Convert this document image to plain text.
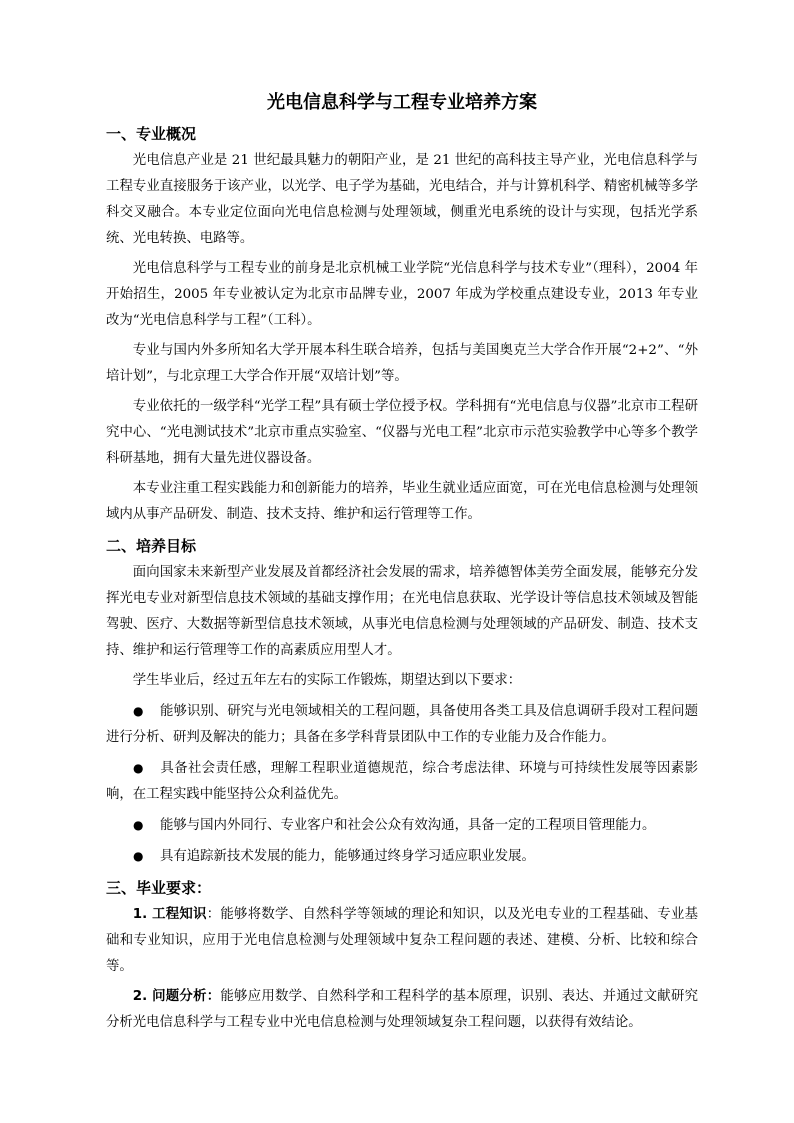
光电信息科学与工程专业培养方案
一、专业概况

光电信息产业是 21 世纪最具魅力的朝阳产业，是 21 世纪的高科技主导产业，光电信息科学与工程专业直接服务于该产业，以光学、电子学为基础，光电结合，并与计算机科学、精密机械等多学科交叉融合。本专业定位面向光电信息检测与处理领域，侧重光电系统的设计与实现，包括光学系统、光电转换、电路等。

光电信息科学与工程专业的前身是北京机械工业学院“光信息科学与技术专业”（理科），2004 年开始招生，2005 年专业被认定为北京市品牌专业，2007 年成为学校重点建设专业，2013 年专业改为“光电信息科学与工程”（工科）。

专业与国内外多所知名大学开展本科生联合培养，包括与美国奥克兰大学合作开展“2+2”、“外培计划”，与北京理工大学合作开展“双培计划”等。

专业依托的一级学科“光学工程”具有硕士学位授予权。学科拥有“光电信息与仪器”北京市工程研究中心、“光电测试技术”北京市重点实验室、“仪器与光电工程”北京市示范实验教学中心等多个教学科研基地，拥有大量先进仪器设备。

本专业注重工程实践能力和创新能力的培养，毕业生就业适应面宽，可在光电信息检测与处理领域内从事产品研发、制造、技术支持、维护和运行管理等工作。

二、培养目标

面向国家未来新型产业发展及首都经济社会发展的需求，培养德智体美劳全面发展，能够充分发挥光电专业对新型信息技术领域的基础支撑作用；在光电信息获取、光学设计等信息技术领域及智能驾驶、医疗、大数据等新型信息技术领域，从事光电信息检测与处理领域的产品研发、制造、技术支持、维护和运行管理等工作的高素质应用型人才。

学生毕业后，经过五年左右的实际工作锻炼，期望达到以下要求：

● 能够识别、研究与光电领域相关的工程问题，具备使用各类工具及信息调研手段对工程问题进行分析、研判及解决的能力；具备在多学科背景团队中工作的专业能力及合作能力。

● 具备社会责任感，理解工程职业道德规范，综合考虑法律、环境与可持续性发展等因素影响，在工程实践中能坚持公众利益优先。

● 能够与国内外同行、专业客户和社会公众有效沟通，具备一定的工程项目管理能力。

● 具有追踪新技术发展的能力，能够通过终身学习适应职业发展。

三、毕业要求：

1. 工程知识：能够将数学、自然科学等领域的理论和知识，以及光电专业的工程基础、专业基础和专业知识，应用于光电信息检测与处理领域中复杂工程问题的表述、建模、分析、比较和综合等。

2. 问题分析：能够应用数学、自然科学和工程科学的基本原理，识别、表达、并通过文献研究分析光电信息科学与工程专业中光电信息检测与处理领域复杂工程问题，以获得有效结论。
